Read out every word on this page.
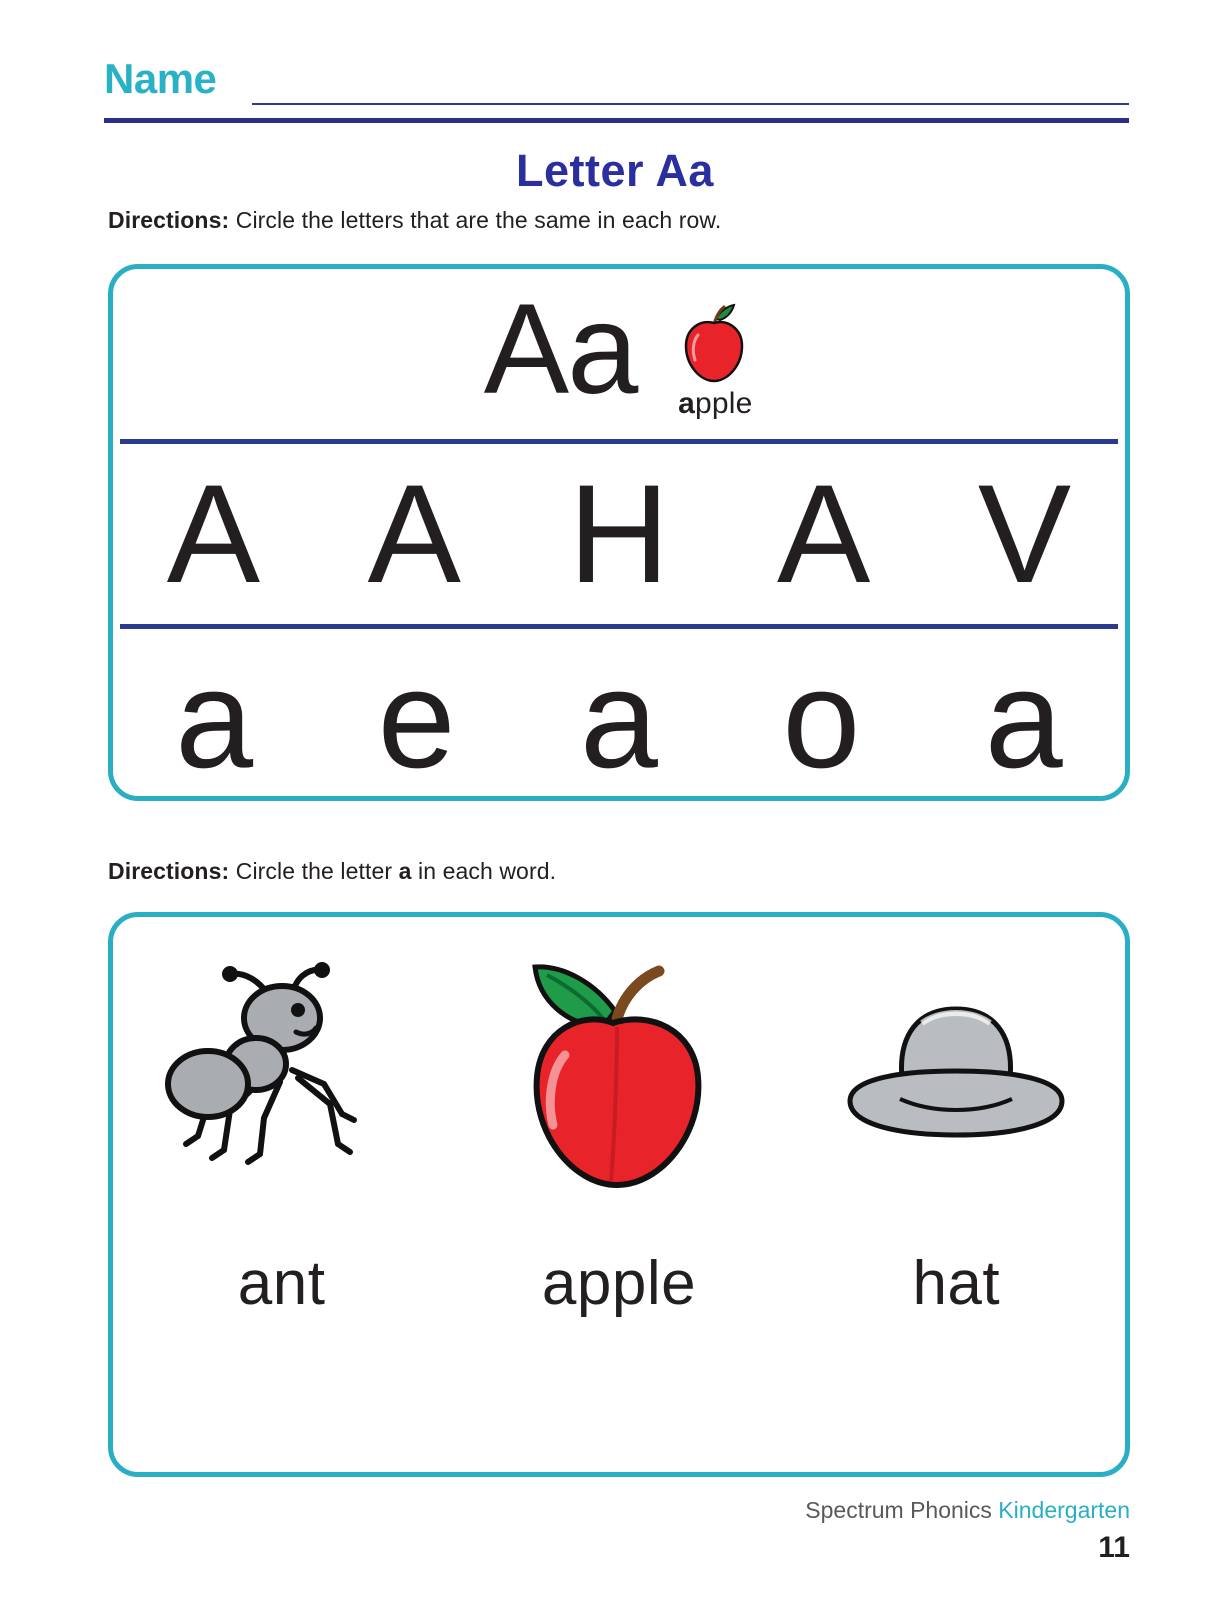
Name
Letter Aa
Directions: Circle the letters that are the same in each row.
Aa apple
A A H A V
a e a o a
Directions: Circle the letter a in each word.
ant	apple	hat
Spectrum Phonics Kindergarten
11
